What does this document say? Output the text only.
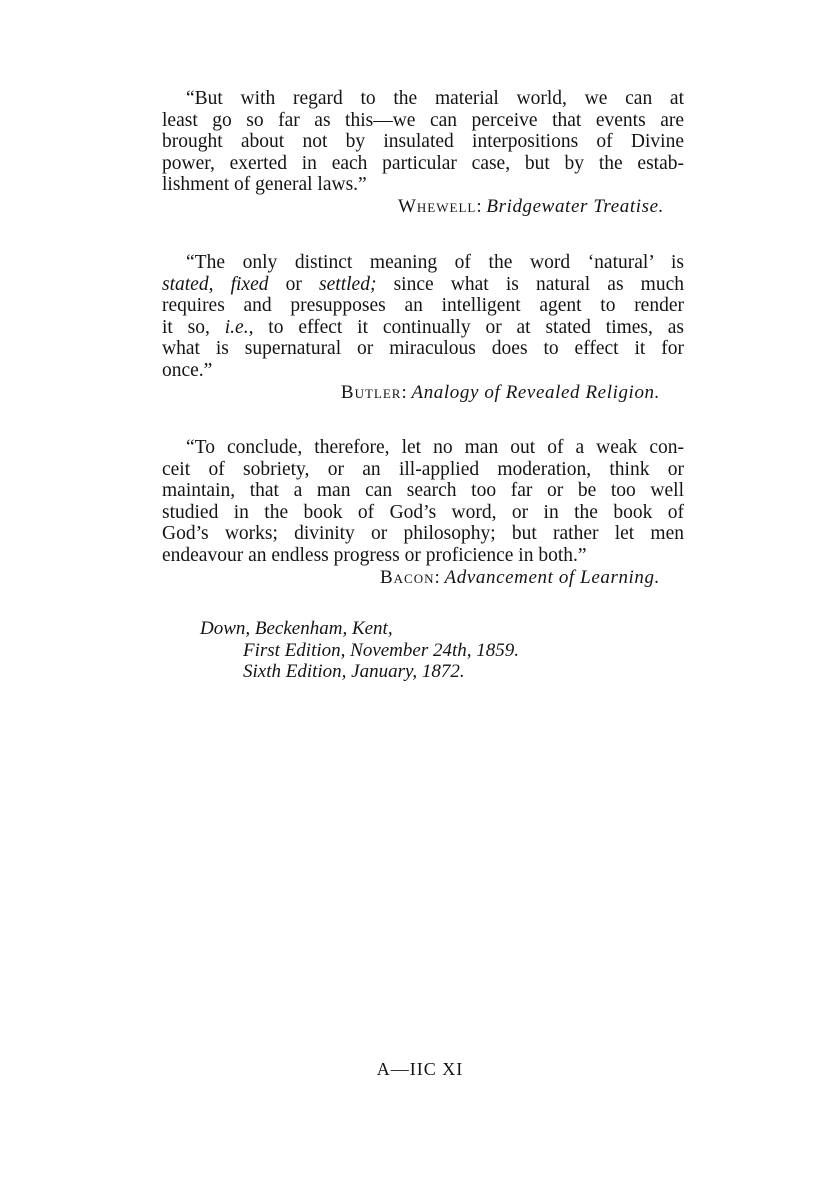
“But with regard to the material world, we can at
least go so far as this—we can perceive that events are
brought about not by insulated interpositions of Divine
power, exerted in each particular case, but by the estab-
lishment of general laws.”
Whewell: Bridgewater Treatise.
“The only distinct meaning of the word ‘natural’ is
stated, fixed or settled; since what is natural as much
requires and presupposes an intelligent agent to render
it so, i.e., to effect it continually or at stated times, as
what is supernatural or miraculous does to effect it for
once.”
Butler: Analogy of Revealed Religion.
“To conclude, therefore, let no man out of a weak con-
ceit of sobriety, or an ill-applied moderation, think or
maintain, that a man can search too far or be too well
studied in the book of God’s word, or in the book of
God’s works; divinity or philosophy; but rather let men
endeavour an endless progress or proficience in both.”
Bacon: Advancement of Learning.
Down, Beckenham, Kent,
First Edition, November 24th, 1859.
Sixth Edition, January, 1872.
A—IIC XI
